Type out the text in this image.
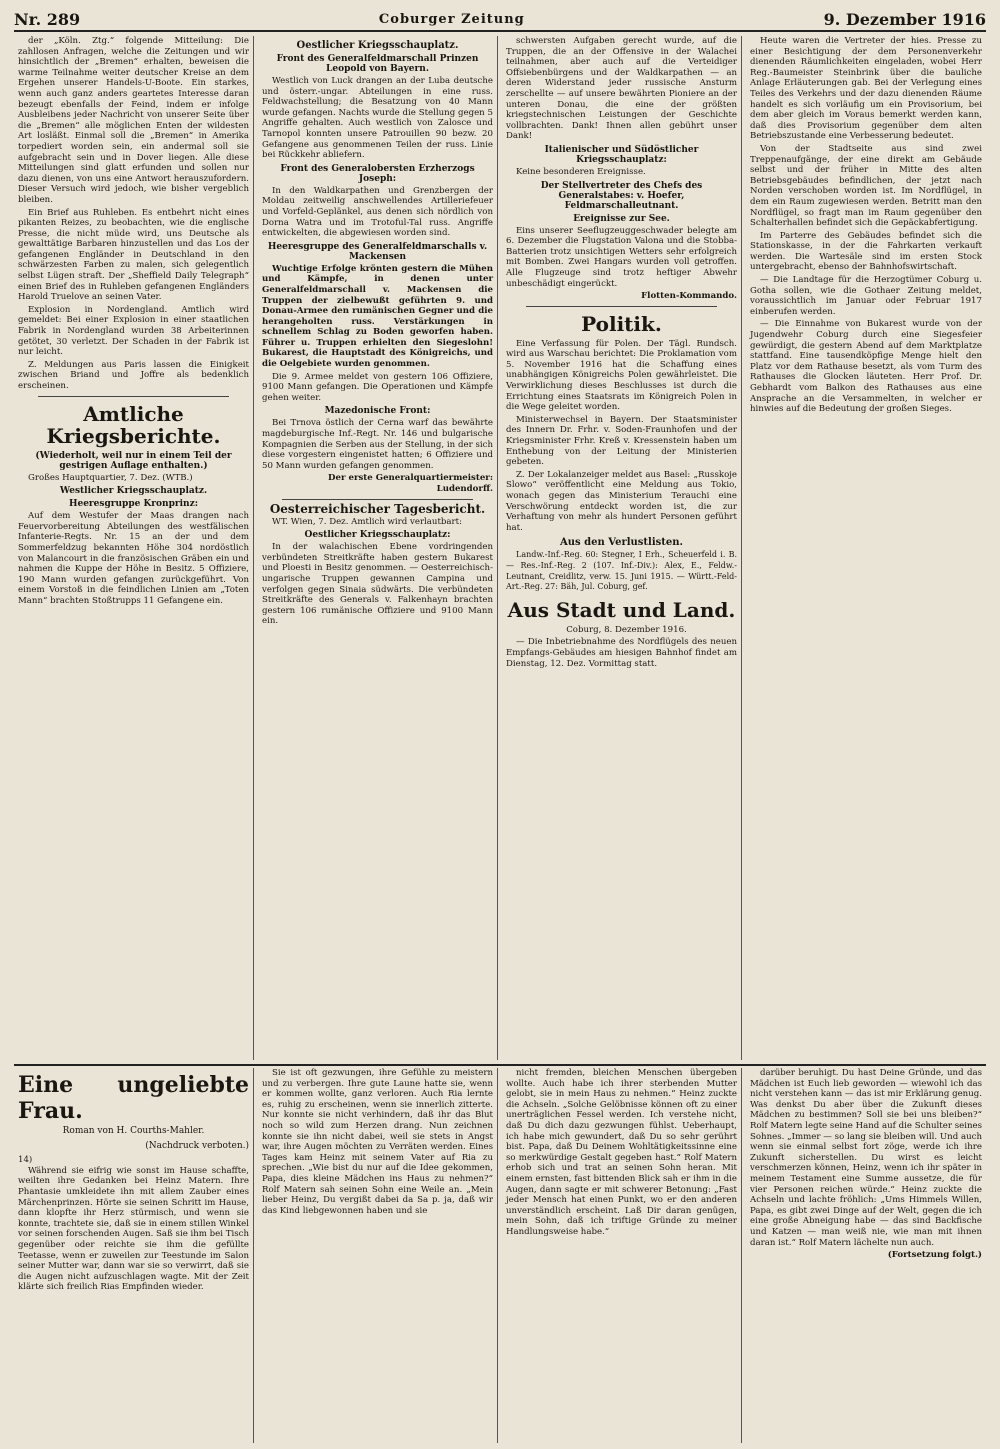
Nr. 289	Coburger Zeitung	9. Dezember 1916

der „Köln. Ztg.“ folgende Mitteilung: Die zahllosen Anfragen, welche die Zeitungen und wir hinsichtlich der „Bremen“ erhalten, beweisen die warme Teilnahme weiter deutscher Kreise an dem Ergehen unserer Handels-U-Boote. Ein starkes, wenn auch ganz anders geartetes Interesse daran bezeugt ebenfalls der Feind, indem er infolge Ausbleibens jeder Nachricht von unserer Seite über die „Bremen“ alle möglichen Enten der wildesten Art losläßt. Einmal soll die „Bremen“ in Amerika torpediert worden sein, ein andermal soll sie aufgebracht sein und in Dover liegen. Alle diese Mitteilungen sind glatt erfunden und sollen nur dazu dienen, von uns eine Antwort herauszufordern. Dieser Versuch wird jedoch, wie bisher vergeblich bleiben.

Ein Brief aus Ruhleben. Es entbehrt nicht eines pikanten Reizes, zu beobachten, wie die englische Presse, die nicht müde wird, uns Deutsche als gewalttätige Barbaren hinzustellen und das Los der gefangenen Engländer in Deutschland in den schwärzesten Farben zu malen, sich gelegentlich selbst Lügen straft. Der „Sheffield Daily Telegraph“ einen Brief des in Ruhleben gefangenen Engländers Harold Truelove an seinen Vater.

Explosion in Nordengland. Amtlich wird gemeldet: Bei einer Explosion in einer staatlichen Fabrik in Nordengland wurden 38 Arbeiterinnen getötet, 30 verletzt. Der Schaden in der Fabrik ist nur leicht.

Z. Meldungen aus Paris lassen die Einigkeit zwischen Briand und Joffre als bedenklich erscheinen.

Amtliche Kriegsberichte.
(Wiederholt, weil nur in einem Teil der gestrigen Auflage enthalten.)

Großes Hauptquartier, 7. Dez. (WTB.)

Westlicher Kriegsschauplatz.
Heeresgruppe Kronprinz:

Auf dem Westufer der Maas drangen nach Feuervorbereitung Abteilungen des westfälischen Infanterie-Regts. Nr. 15 an der und dem Sommerfeldzug bekannten Höhe 304 nordöstlich von Malancourt in die französischen Gräben ein und nahmen die Kuppe der Höhe in Besitz. 5 Offiziere, 190 Mann wurden gefangen zurückgeführt. Von einem Vorstoß in die feindlichen Linien am „Toten Mann“ brachten Stoßtrupps 11 Gefangene ein.

Oestlicher Kriegsschauplatz.
Front des Generalfeldmarschall Prinzen Leopold von Bayern.

Westlich von Luck drangen an der Luba deutsche und österr.-ungar. Abteilungen in eine russ. Feldwachstellung; die Besatzung von 40 Mann wurde gefangen. Nachts wurde die Stellung gegen 5 Angriffe gehalten. Auch westlich von Zalosce und Tarnopol konnten unsere Patrouillen 90 bezw. 20 Gefangene aus genommenen Teilen der russ. Linie bei Rückkehr abliefern.

Front des Generalobersten Erzherzogs Joseph:

In den Waldkarpathen und Grenzbergen der Moldau zeitweilig anschwellendes Artilleriefeuer und Vorfeld-Geplänkel, aus denen sich nördlich von Dorna Watra und im Trotoful-Tal russ. Angriffe entwickelten, die abgewiesen worden sind.

Heeresgruppe des Generalfeldmarschalls v. Mackensen

Wuchtige Erfolge krönten gestern die Mühen und Kämpfe, in denen unter Generalfeldmarschall v. Mackensen die Truppen der zielbewußt geführten 9. und Donau-Armee den rumänischen Gegner und die herangeholten russ. Verstärkungen in schnellem Schlag zu Boden geworfen haben. Führer u. Truppen erhielten den Siegeslohn! Bukarest, die Hauptstadt des Königreichs, und die Oelgebiete wurden genommen.

Die 9. Armee meldet von gestern 106 Offiziere, 9100 Mann gefangen. Die Operationen und Kämpfe gehen weiter.

Mazedonische Front:

Bei Trnova östlich der Cerna warf das bewährte magdeburgische Inf.-Regt. Nr. 146 und bulgarische Kompagnien die Serben aus der Stellung, in der sich diese vorgestern eingenistet hatten; 6 Offiziere und 50 Mann wurden gefangen genommen.

Der erste Generalquartiermeister: Ludendorff.

Oesterreichischer Tagesbericht.

WT. Wien, 7. Dez. Amtlich wird verlautbart:

Oestlicher Kriegsschauplatz:

In der walachischen Ebene vordringenden verbündeten Streitkräfte haben gestern Bukarest und Ploesti in Besitz genommen. — Oesterreichisch-ungarische Truppen gewannen Campina und verfolgen gegen Sinaia südwärts. Die verbündeten Streitkräfte des Generals v. Falkenhayn brachten gestern 106 rumänische Offiziere und 9100 Mann ein.

schwersten Aufgaben gerecht wurde, auf die Truppen, die an der Offensive in der Walachei teilnahmen, aber auch auf die Verteidiger Offsiebenbürgens und der Waldkarpathen — an deren Widerstand jeder russische Ansturm zerschellte — auf unsere bewährten Pioniere an der unteren Donau, die eine der größten kriegstechnischen Leistungen der Geschichte vollbrachten. Dank! Ihnen allen gebührt unser Dank!

Italienischer und Südöstlicher Kriegsschauplatz:

Keine besonderen Ereignisse.

Der Stellvertreter des Chefs des Generalstabes: v. Hoefer, Feldmarschalleutnant.
Ereignisse zur See.

Eins unserer Seeflugzeuggeschwader belegte am 6. Dezember die Flugstation Valona und die Stobba-Batterien trotz unsichtigen Wetters sehr erfolgreich mit Bomben. Zwei Hangars wurden voll getroffen. Alle Flugzeuge sind trotz heftiger Abwehr unbeschädigt eingerückt.

Flotten-Kommando.

Politik.

Eine Verfassung für Polen. Der Tägl. Rundsch. wird aus Warschau berichtet: Die Proklamation vom 5. November 1916 hat die Schaffung eines unabhängigen Königreichs Polen gewährleistet. Die Verwirklichung dieses Beschlusses ist durch die Errichtung eines Staatsrats im Königreich Polen in die Wege geleitet worden.

Ministerwechsel in Bayern. Der Staatsminister des Innern Dr. Frhr. v. Soden-Fraunhofen und der Kriegsminister Frhr. Kreß v. Kressenstein haben um Enthebung von der Leitung der Ministerien gebeten.

Z. Der Lokalanzeiger meldet aus Basel: „Russkoje Slowo“ veröffentlicht eine Meldung aus Tokio, wonach gegen das Ministerium Terauchi eine Verschwörung entdeckt worden ist, die zur Verhaftung von mehr als hundert Personen geführt hat.

Aus den Verlustlisten.

Landw.-Inf.-Reg. 60: Stegner, I Erh., Scheuerfeld i. B. — Res.-Inf.-Reg. 2 (107. Inf.-Div.): Alex, E., Feldw.-Leutnant, Creidlitz, verw. 15. Juni 1915. — Württ.-Feld-Art.-Reg. 27: Bäh, Jul. Coburg, gef.

Aus Stadt und Land.

Coburg, 8. Dezember 1916.

— Die Inbetriebnahme des Nordflügels des neuen Empfangs-Gebäudes am hiesigen Bahnhof findet am Dienstag, 12. Dez. Vormittag statt.

Heute waren die Vertreter der hies. Presse zu einer Besichtigung der dem Personenverkehr dienenden Räumlichkeiten eingeladen, wobei Herr Reg.-Baumeister Steinbrink über die bauliche Anlage Erläuterungen gab. Bei der Verlegung eines Teiles des Verkehrs und der dazu dienenden Räume handelt es sich vorläufig um ein Provisorium, bei dem aber gleich im Voraus bemerkt werden kann, daß dies Provisorium gegenüber dem alten Betriebszustande eine Verbesserung bedeutet.

Von der Stadtseite aus sind zwei Treppenaufgänge, der eine direkt am Gebäude selbst und der früher in Mitte des alten Betriebsgebäudes befindlichen, der jetzt nach Norden verschoben worden ist. Im Nordflügel, in dem ein Raum zugewiesen werden. Betritt man den Nordflügel, so fragt man im Raum gegenüber den Schalterhallen befindet sich die Gepäckabfertigung.

Im Parterre des Gebäudes befindet sich die Stationskasse, in der die Fahrkarten verkauft werden. Die Wartesäle sind im ersten Stock untergebracht, ebenso der Bahnhofswirtschaft.

— Die Landtage für die Herzogtümer Coburg u. Gotha sollen, wie die Gothaer Zeitung meldet, voraussichtlich im Januar oder Februar 1917 einberufen werden.

— Die Einnahme von Bukarest wurde von der Jugendwehr Coburg durch eine Siegesfeier gewürdigt, die gestern Abend auf dem Marktplatze stattfand. Eine tausendköpfige Menge hielt den Platz vor dem Rathause besetzt, als vom Turm des Rathauses die Glocken läuteten. Herr Prof. Dr. Gebhardt vom Balkon des Rathauses aus eine Ansprache an die Versammelten, in welcher er hinwies auf die Bedeutung der großen Sieges.

Eine ungeliebte Frau.
Roman von H. Courths-Mahler.
(Nachdruck verboten.)
14)

Während sie eifrig wie sonst im Hause schaffte, weilten ihre Gedanken bei Heinz Matern. Ihre Phantasie umkleidete ihn mit allem Zauber eines Märchenprinzen. Hörte sie seinen Schritt im Hause, dann klopfte ihr Herz stürmisch, und wenn sie konnte, trachtete sie, daß sie in einem stillen Winkel vor seinen forschenden Augen. Saß sie ihm bei Tisch gegenüber oder reichte sie ihm die gefüllte Teetasse, wenn er zuweilen zur Teestunde im Salon seiner Mutter war, dann war sie so verwirrt, daß sie die Augen nicht aufzuschlagen wagte. Mit der Zeit klärte sich freilich Rias Empfinden wieder.

Sie ist oft gezwungen, ihre Gefühle zu meistern und zu verbergen. Ihre gute Laune hatte sie, wenn er kommen wollte, ganz verloren. Auch Ria lernte es, ruhig zu erscheinen, wenn sie innerlich zitterte. Nur konnte sie nicht verhindern, daß ihr das Blut noch so wild zum Herzen drang. Nun zeichnen konnte sie ihn nicht dabei, weil sie stets in Angst war, ihre Augen möchten zu Verräten werden. Eines Tages kam Heinz mit seinem Vater auf Ria zu sprechen. „Wie bist du nur auf die Idee gekommen, Papa, dies kleine Mädchen ins Haus zu nehmen?“ Rolf Matern sah seinen Sohn eine Weile an. „Mein lieber Heinz, Du vergißt dabei da Sa p. ja, daß wir das Kind liebgewonnen haben und sie

nicht fremden, bleichen Menschen übergeben wollte. Auch habe ich ihrer sterbenden Mutter gelobt, sie in mein Haus zu nehmen.“ Heinz zuckte die Achseln. „Solche Gelöbnisse können oft zu einer unerträglichen Fessel werden. Ich verstehe nicht, daß Du dich dazu gezwungen fühlst. Ueberhaupt, ich habe mich gewundert, daß Du so sehr gerührt bist. Papa, daß Du Deinem Wohltätigkeitssinne eine so merkwürdige Gestalt gegeben hast.“ Rolf Matern erhob sich und trat an seinen Sohn heran. Mit einem ernsten, fast bittenden Blick sah er ihm in die Augen, dann sagte er mit schwerer Betonung: „Fast jeder Mensch hat einen Punkt, wo er den anderen unverständlich erscheint. Laß Dir daran genügen, mein Sohn, daß ich triftige Gründe zu meiner Handlungsweise habe.“

darüber beruhigt. Du hast Deine Gründe, und das Mädchen ist Euch lieb geworden — wiewohl ich das nicht verstehen kann — das ist mir Erklärung genug. Was denkst Du aber über die Zukunft dieses Mädchen zu bestimmen? Soll sie bei uns bleiben?“ Rolf Matern legte seine Hand auf die Schulter seines Sohnes. „Immer — so lang sie bleiben will. Und auch wenn sie einmal selbst fort zöge, werde ich ihre Zukunft sicherstellen. Du wirst es leicht verschmerzen können, Heinz, wenn ich ihr später in meinem Testament eine Summe aussetze, die für vier Personen reichen würde.“ Heinz zuckte die Achseln und lachte fröhlich: „Ums Himmels Willen, Papa, es gibt zwei Dinge auf der Welt, gegen die ich eine große Abneigung habe — das sind Backfische und Katzen — man weiß nie, wie man mit ihnen daran ist.“ Rolf Matern lächelte nun auch.

(Fortsetzung folgt.)
